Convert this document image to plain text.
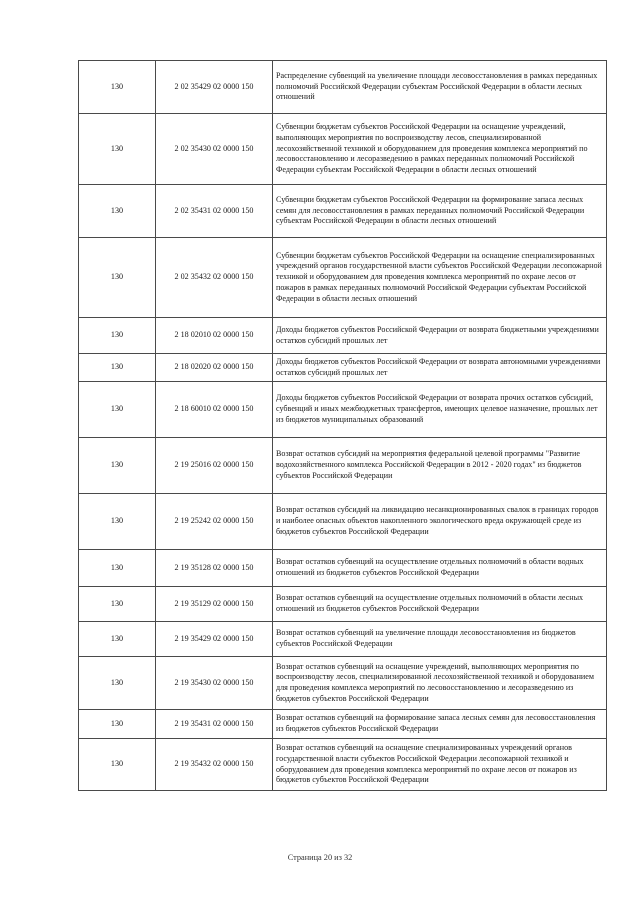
130	2 02 35429 02 0000 150	Распределение субвенций на увеличение площади лесовосстановления в рамках переданных полномочий Российской Федерации субъектам Российской Федерации в области лесных отношений
130	2 02 35430 02 0000 150	Субвенции бюджетам субъектов Российской Федерации на оснащение учреждений, выполняющих мероприятия по воспроизводству лесов, специализированной лесохозяйственной техникой и оборудованием для проведения комплекса мероприятий по лесовосстановлению и лесоразведению в рамках переданных полномочий Российской Федерации субъектам Российской Федерации в области лесных отношений
130	2 02 35431 02 0000 150	Субвенции бюджетам субъектов Российской Федерации на формирование запаса лесных семян для лесовосстановления в рамках переданных полномочий Российской Федерации субъектам Российской Федерации в области лесных отношений
130	2 02 35432 02 0000 150	Субвенции бюджетам субъектов Российской Федерации на оснащение специализированных учреждений органов государственной власти субъектов Российской Федерации лесопожарной техникой и оборудованием для проведения комплекса мероприятий по охране лесов от пожаров в рамках переданных полномочий Российской Федерации субъектам Российской Федерации в области лесных отношений
130	2 18 02010 02 0000 150	Доходы бюджетов субъектов Российской Федерации от возврата бюджетными учреждениями остатков субсидий прошлых лет
130	2 18 02020 02 0000 150	Доходы бюджетов субъектов Российской Федерации от возврата автономными учреждениями остатков субсидий прошлых лет
130	2 18 60010 02 0000 150	Доходы бюджетов субъектов Российской Федерации от возврата прочих остатков субсидий, субвенций и иных межбюджетных трансфертов, имеющих целевое назначение, прошлых лет из бюджетов муниципальных образований
130	2 19 25016 02 0000 150	Возврат остатков субсидий на мероприятия федеральной целевой программы "Развитие водохозяйственного комплекса Российской Федерации в 2012 - 2020 годах" из бюджетов субъектов Российской Федерации
130	2 19 25242 02 0000 150	Возврат остатков субсидий на ликвидацию несанкционированных свалок в границах городов и наиболее опасных объектов накопленного экологического вреда окружающей среде из бюджетов субъектов Российской Федерации
130	2 19 35128 02 0000 150	Возврат остатков субвенций на осуществление отдельных полномочий в области водных отношений из бюджетов субъектов Российской Федерации
130	2 19 35129 02 0000 150	Возврат остатков субвенций на осуществление отдельных полномочий в области лесных отношений из бюджетов субъектов Российской Федерации
130	2 19 35429 02 0000 150	Возврат остатков субвенций на увеличение площади лесовосстановления из бюджетов субъектов Российской Федерации
130	2 19 35430 02 0000 150	Возврат остатков субвенций на оснащение учреждений, выполняющих мероприятия по воспроизводству лесов, специализированной лесохозяйственной техникой и оборудованием для проведения комплекса мероприятий по лесовосстановлению и лесоразведению из бюджетов субъектов Российской Федерации
130	2 19 35431 02 0000 150	Возврат остатков субвенций на формирование запаса лесных семян для лесовосстановления из бюджетов субъектов Российской Федерации
130	2 19 35432 02 0000 150	Возврат остатков субвенций на оснащение специализированных учреждений органов государственной власти субъектов Российской Федерации лесопожарной техникой и оборудованием для проведения комплекса мероприятий по охране лесов от пожаров из бюджетов субъектов Российской Федерации
Страница 20 из 32
